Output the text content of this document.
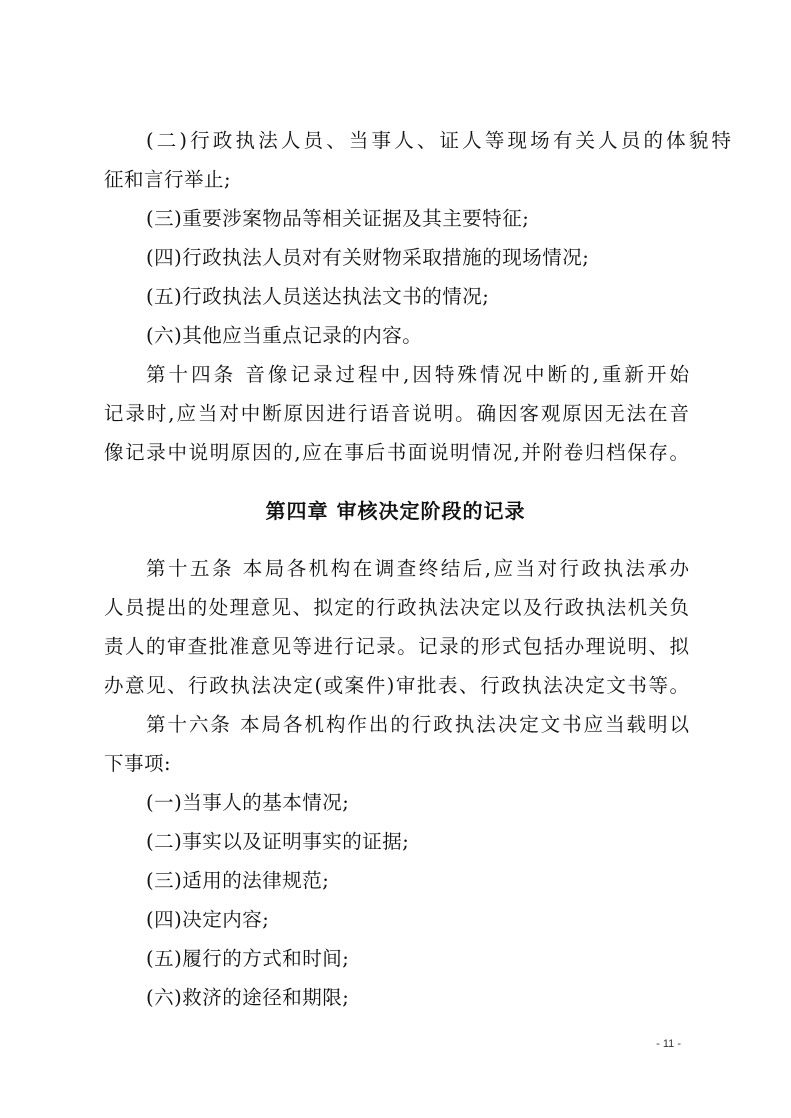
(二)行政执法人员、当事人、证人等现场有关人员的体貌特
征和言行举止;
(三)重要涉案物品等相关证据及其主要特征;
(四)行政执法人员对有关财物采取措施的现场情况;
(五)行政执法人员送达执法文书的情况;
(六)其他应当重点记录的内容。
第十四条 音像记录过程中,因特殊情况中断的,重新开始
记录时,应当对中断原因进行语音说明。确因客观原因无法在音
像记录中说明原因的,应在事后书面说明情况,并附卷归档保存。
第四章 审核决定阶段的记录
第十五条 本局各机构在调查终结后,应当对行政执法承办
人员提出的处理意见、拟定的行政执法决定以及行政执法机关负
责人的审查批准意见等进行记录。记录的形式包括办理说明、拟
办意见、行政执法决定(或案件)审批表、行政执法决定文书等。
第十六条 本局各机构作出的行政执法决定文书应当载明以
下事项:
(一)当事人的基本情况;
(二)事实以及证明事实的证据;
(三)适用的法律规范;
(四)决定内容;
(五)履行的方式和时间;
(六)救济的途径和期限;
- 11 -
